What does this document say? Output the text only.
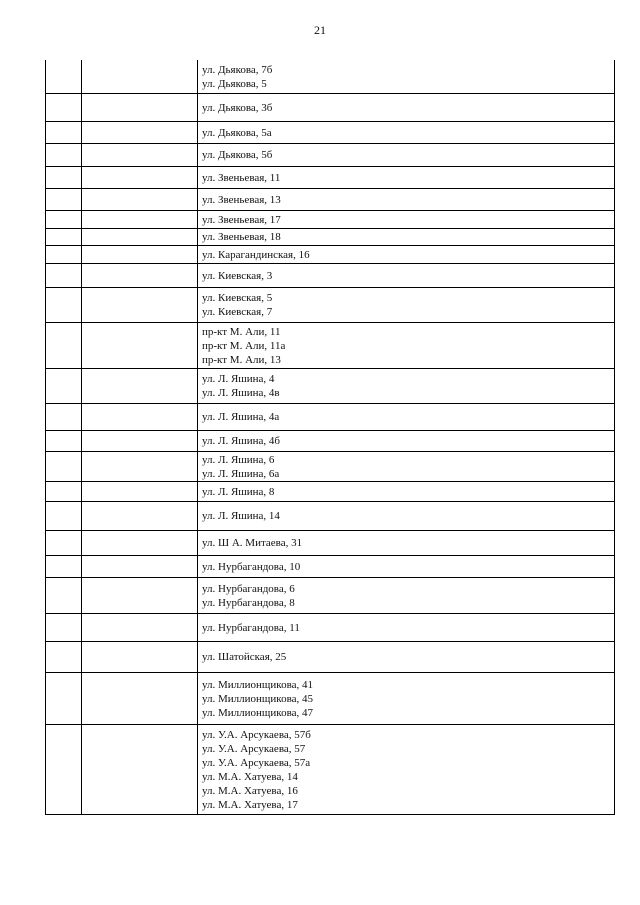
21
ул. Дьякова, 7б
ул. Дьякова, 5
ул. Дьякова, 3б
ул. Дьякова, 5а
ул. Дьякова, 5б
ул. Звеньевая, 11
ул. Звеньевая, 13
ул. Звеньевая, 17
ул. Звеньевая, 18
ул. Карагандинская, 16
ул. Киевская, 3
ул. Киевская, 5
ул. Киевская, 7
пр-кт М. Али, 11
пр-кт М. Али, 11а
пр-кт М. Али, 13
ул. Л. Яшина, 4
ул. Л. Яшина, 4в
ул. Л. Яшина, 4а
ул. Л. Яшина, 4б
ул. Л. Яшина, 6
ул. Л. Яшина, 6а
ул. Л. Яшина, 8
ул. Л. Яшина, 14
ул. Ш А. Митаева, 31
ул. Нурбагандова, 10
ул. Нурбагандова, 6
ул. Нурбагандова, 8
ул. Нурбагандова, 11
ул. Шатойская, 25
ул. Миллионщикова, 41
ул. Миллионщикова, 45
ул. Миллионщикова, 47
ул. У.А. Арсукаева, 57б
ул. У.А. Арсукаева, 57
ул. У.А. Арсукаева, 57а
ул. М.А. Хатуева, 14
ул. М.А. Хатуева, 16
ул. М.А. Хатуева, 17
